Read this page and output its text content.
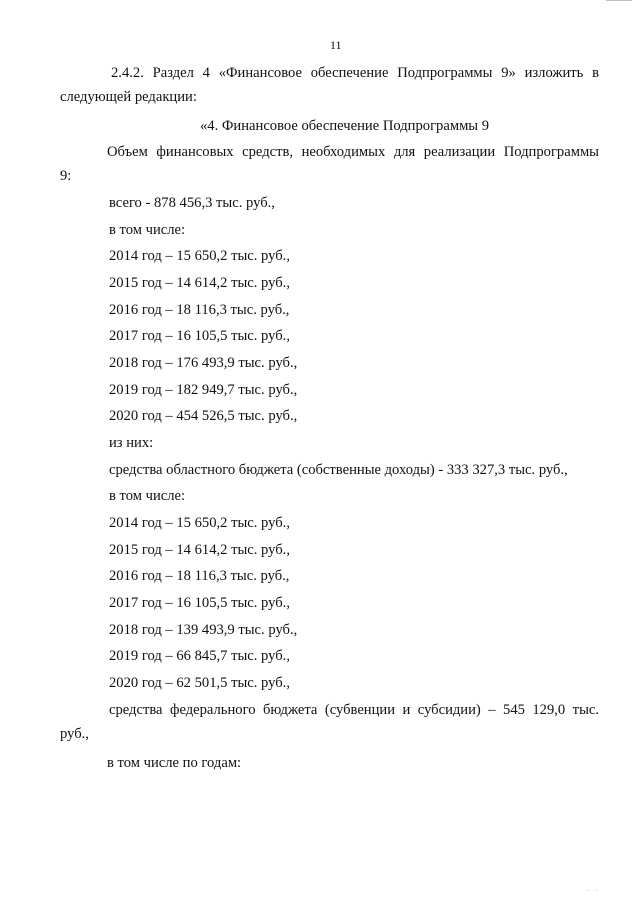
11
2.4.2. Раздел 4 «Финансовое обеспечение Подпрограммы 9» изложить в
следующей редакции:
«4. Финансовое обеспечение Подпрограммы 9
Объем финансовых средств, необходимых для реализации Подпрограммы
9:
всего - 878 456,3 тыс. руб.,
в том числе:
2014 год – 15 650,2 тыс. руб.,
2015 год – 14 614,2 тыс. руб.,
2016 год – 18 116,3 тыс. руб.,
2017 год – 16 105,5 тыс. руб.,
2018 год – 176 493,9 тыс. руб.,
2019 год – 182 949,7 тыс. руб.,
2020 год – 454 526,5 тыс. руб.,
из них:
средства областного бюджета (собственные доходы) - 333 327,3 тыс. руб.,
в том числе:
2014 год – 15 650,2 тыс. руб.,
2015 год – 14 614,2 тыс. руб.,
2016 год – 18 116,3 тыс. руб.,
2017 год – 16 105,5 тыс. руб.,
2018 год – 139 493,9 тыс. руб.,
2019 год – 66 845,7 тыс. руб.,
2020 год – 62 501,5 тыс. руб.,
средства федерального бюджета (субвенции и субсидии) – 545 129,0 тыс.
руб.,
в том числе по годам:
· ·
